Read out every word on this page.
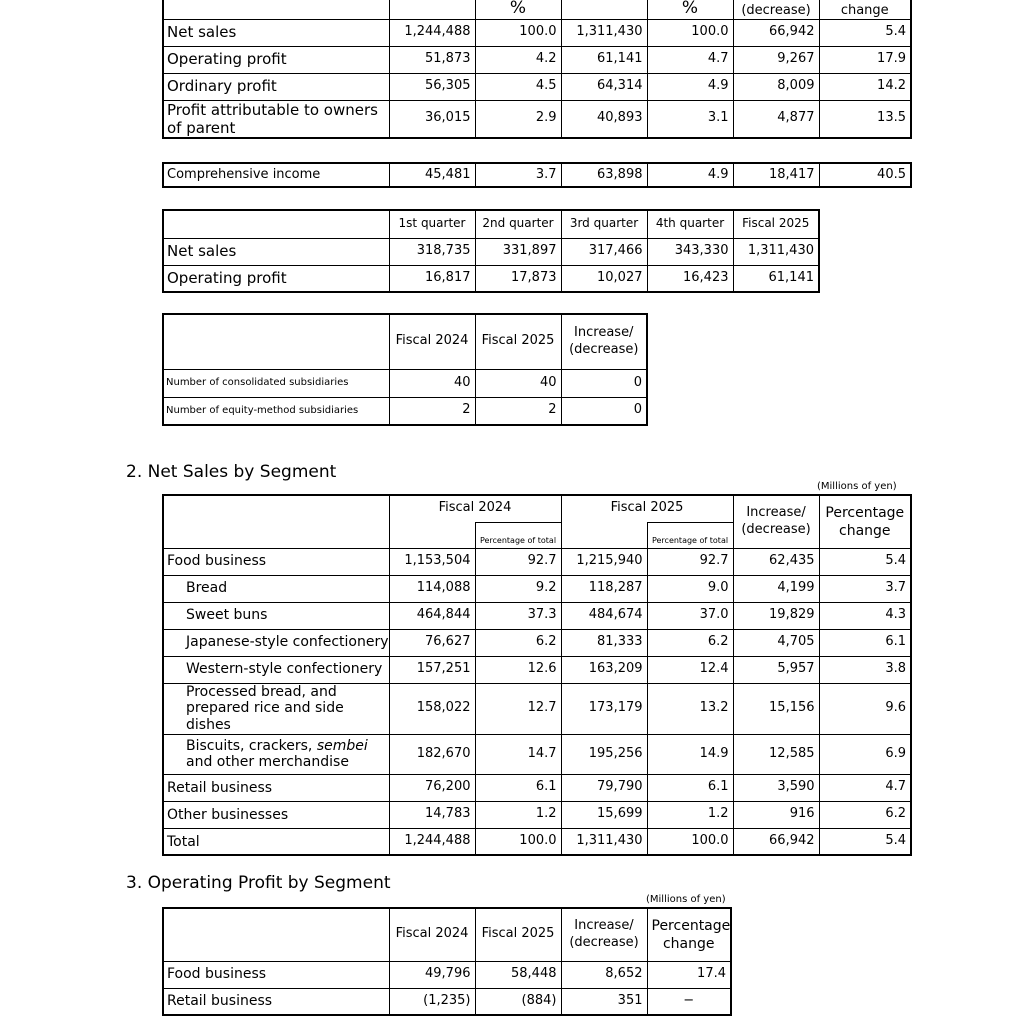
		%		%	(decrease)	change
Net sales	1,244,488	100.0	1,311,430	100.0	66,942	5.4
Operating profit	51,873	4.2	61,141	4.7	9,267	17.9
Ordinary profit	56,305	4.5	64,314	4.9	8,009	14.2
Profit attributable to owners of parent	36,015	2.9	40,893	3.1	4,877	13.5
Comprehensive income	45,481	3.7	63,898	4.9	18,417	40.5
	1st quarter	2nd quarter	3rd quarter	4th quarter	Fiscal 2025
Net sales	318,735	331,897	317,466	343,330	1,311,430
Operating profit	16,817	17,873	10,027	16,423	61,141
	Fiscal 2024	Fiscal 2025	Increase/ (decrease)
Number of consolidated subsidiaries	40	40	0
Number of equity-method subsidiaries	2	2	0
2. Net Sales by Segment
(Millions of yen)
	Fiscal 2024		Fiscal 2025		Increase/ (decrease)	Percentage change
		Percentage of total		Percentage of total		
Food business	1,153,504	92.7	1,215,940	92.7	62,435	5.4
Bread	114,088	9.2	118,287	9.0	4,199	3.7
Sweet buns	464,844	37.3	484,674	37.0	19,829	4.3
Japanese-style confectionery	76,627	6.2	81,333	6.2	4,705	6.1
Western-style confectionery	157,251	12.6	163,209	12.4	5,957	3.8
Processed bread, and prepared rice and side dishes	158,022	12.7	173,179	13.2	15,156	9.6
Biscuits, crackers, sembei
and other merchandise	182,670	14.7	195,256	14.9	12,585	6.9
Retail business	76,200	6.1	79,790	6.1	3,590	4.7
Other businesses	14,783	1.2	15,699	1.2	916	6.2
Total	1,244,488	100.0	1,311,430	100.0	66,942	5.4
3. Operating Profit by Segment
(Millions of yen)
	Fiscal 2024	Fiscal 2025	Increase/ (decrease)	Percentage change
Food business	49,796	58,448	8,652	17.4
Retail business	(1,235)	(884)	351	−
